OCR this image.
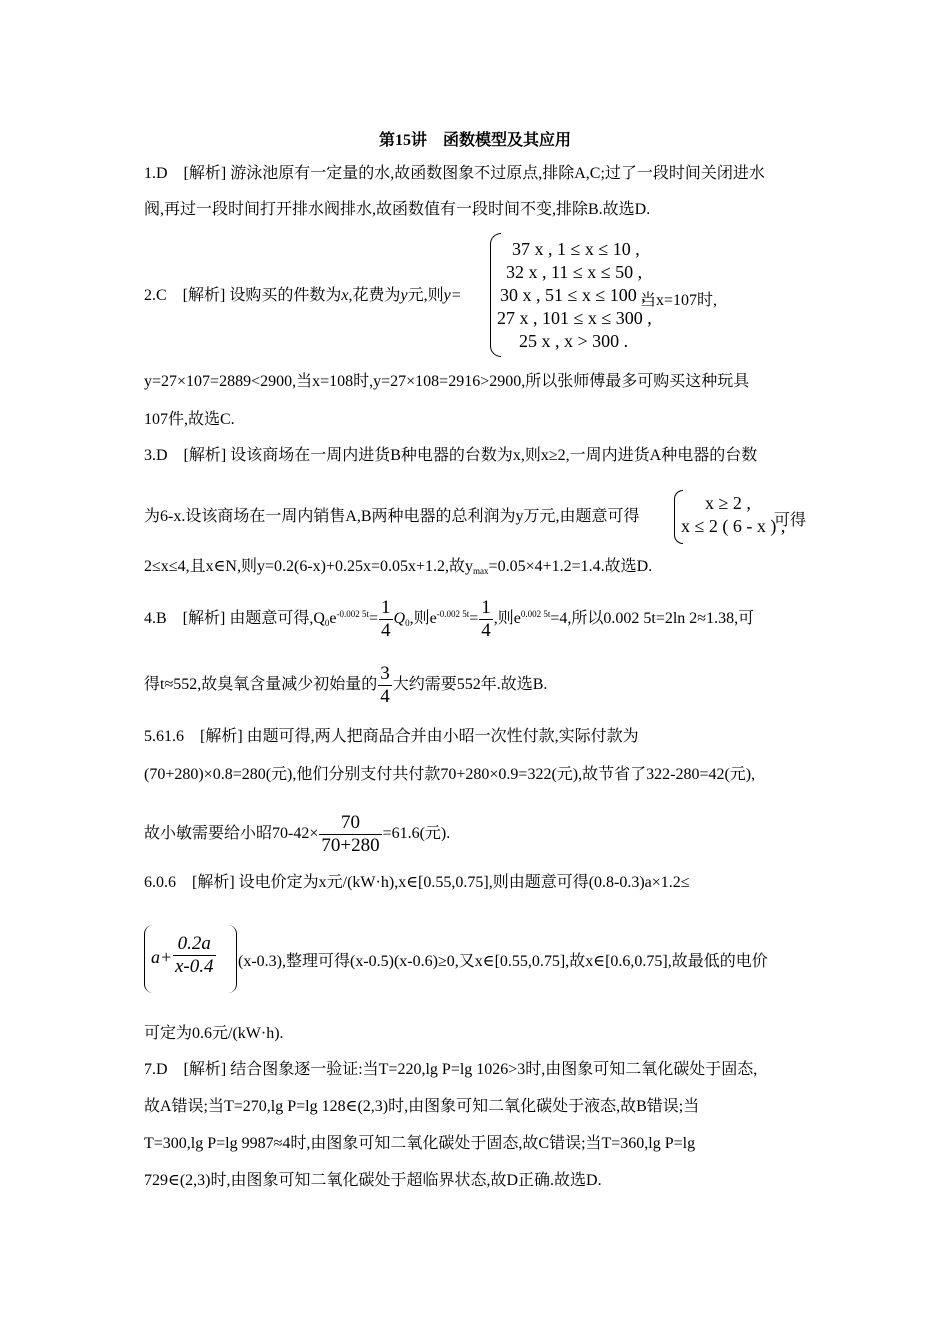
第15讲　函数模型及其应用
1.D　[解析] 游泳池原有一定量的水,故函数图象不过原点,排除A,C;过了一段时间关闭进水
阀,再过一段时间打开排水阀排水,故函数值有一段时间不变,排除B.故选D.
2.C　[解析] 设购买的件数为x,花费为y元,则y=
37 x , 1 ≤ x ≤ 10 ,
32 x , 11 ≤ x ≤ 50 ,
30 x , 51 ≤ x ≤ 100 ,
27 x , 101 ≤ x ≤ 300 ,
25 x , x > 300 .
当x=107时,
y=27×107=2889<2900,当x=108时,y=27×108=2916>2900,所以张师傅最多可购买这种玩具
107件,故选C.
3.D　[解析] 设该商场在一周内进货B种电器的台数为x,则x≥2,一周内进货A种电器的台数
为6-x.设该商场在一周内销售A,B两种电器的总利润为y万元,由题意可得
x ≥ 2 ,
x ≤ 2 ( 6 - x ) ,
可得
2≤x≤4,且x∈N,则y=0.2(6-x)+0.25x=0.05x+1.2,故$y_{max}=0.05\times 4+1.2=1.4$.故选D.
4.B　[解析] 由题意可得$,Q_0e^{-0.002 5t}= \frac{1}{4} Q_0$,则$e^{-0.002 5t}= \frac{1}{4}$ ,则$e^{0.002 5t}=4$,所以0.002 5t=2ln 2≈1.38,可
得t≈552,故臭氧含量减少初始量的 $\frac{3}{4}$ 大约需要552年.故选B.
5.61.6　[解析] 由题可得,两人把商品合并由小昭一次性付款,实际付款为
(70+280)×0.8=280(元),他们分别支付共付款70+280×0.9=322(元),故节省了322-280=42(元),
故小敏需要给小昭$70-42\times \frac{70}{70+280} =61.6$(元).
6.0.6　[解析] 设电价定为x元/(kW·h),x∈[0.55,0.75],则由题意可得(0.8-0.3)a×1.2≤
$a+ \frac{0.2a}{x-0.4} (x-0.3)$,整理可得(x-0.5)(x-0.6)≥0,又x∈[0.55,0.75],故x∈[0.6,0.75],故最低的电价
可定为0.6元/(kW·h).
7.D　[解析] 结合图象逐一验证:当T=220,lg P=lg 1026>3时,由图象可知二氧化碳处于固态,
故A错误;当T=270,lg P=lg 128∈(2,3)时,由图象可知二氧化碳处于液态,故B错误;当
T=300,lg P=lg 9987≈4时,由图象可知二氧化碳处于固态,故C错误;当T=360,lg P=lg
729∈(2,3)时,由图象可知二氧化碳处于超临界状态,故D正确.故选D.
